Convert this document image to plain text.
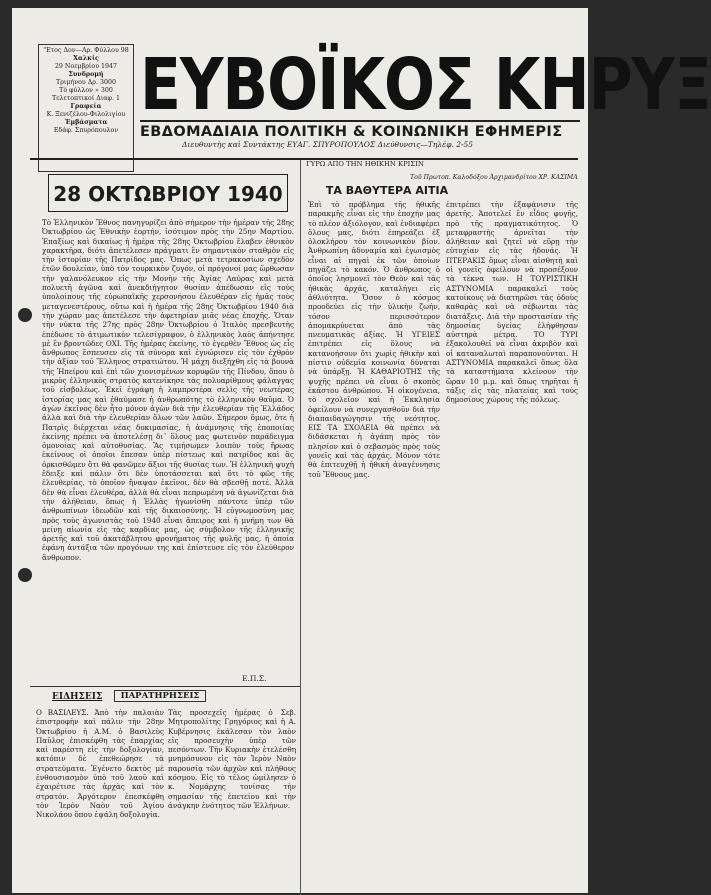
"Ετος Δον—Αρ. Φύλλου 98
Χαλκίς
29 Νοεμβρίου 1947
Συνδρομή
Τριμήνου Δρ. 3000
Τὸ φύλλον » 300
Τελετοπτικοί Διαφ. 1
Γραφεία
Κ. Ξενιζέλου-Φιλολιγίου
Ἐμβάσματα
Εδάφ. Σπυρόπουλον
ΕΥΒΟΪΚΟΣ ΚΗΡΥΞ
ΕΒΔΟΜΑΔΙΑΙΑ ΠΟΛΙΤΙΚΗ & ΚΟΙΝΩΝΙΚΗ ΕΦΗΜΕΡΙΣ
Διευθυντὴς καὶ Συντάκτης ΕΥΑΓ. ΣΠΥΡΟΠΟΥΛΟΣ Διεύθυνσις—Τηλέφ. 2-55
28 ΟΚΤΩΒΡΙΟΥ 1940
Τὸ Ἑλληνικὸν Ἔθνος πανηγυρίζει ἀπὸ σήμερον τὴν ἡμέραν τῆς 28ης Ὀκτωβρίου ὡς Ἐθνικὴν ἑορτήν, ἰσότιμον πρὸς τὴν 25ην Μαρτίου. Ἐπαξίως καὶ δικαίως ἡ ἡμέρα τῆς 28ης Ὀκτωβρίου ἔλαβεν ἐθνικὸν χαρακτῆρα, διότι ἀπετέλεσεν πράγματι ἓν σημαντικὸν σταθμὸν εἰς τὴν ἱστορίαν τῆς Πατρίδος μας. Ὅπως μετὰ τετρακοσίων σχεδὸν ἐτῶν δουλείαν, ὑπὸ τὸν τουρκικὸν ζυγόν, οἱ πρόγονοί μας ὥρθωσαν τὴν γαλανόλευκον εἰς τὴν Μονὴν τῆς Ἁγίας Λαύρας καὶ μετὰ πολυετῆ ἀγῶνα καὶ ἀνεκδιήγητον θυσίαν ἀπέδωσαν εἰς τοὺς ὑπολοίπους τῆς εὐρωπαϊκῆς χερσονήσου ἐλευθέραν εἰς ἡμᾶς τοὺς μεταγενεστέρους, οὕτω καὶ ἡ ἡμέρα τῆς 28ης Ὀκτωβρίου 1940 διὰ τὴν χώραν μας ἀπετέλεσε τὴν ἀφετηρίαν μιᾶς νέας ἐποχῆς. Ὅταν τὴν νύκτα τῆς 27ης πρὸς 28ην Ὀκτωβρίου ὁ Ἰταλὸς πρεσβευτὴς ἐπέδωσε τὸ ἀτιμωτικὸν τελεσίγραφον, ὁ ἑλληνικὸς λαὸς ἀπήντησε μὲ ἓν βροντῶδες ΟΧΙ. Τῆς ἡμέρας ἐκείνης, τὸ ἐγερθὲν Ἔθνος ὡς εἷς ἄνθρωπος ἔσπευσεν εἰς τὰ σύνορα καὶ ἐγνώρισεν εἰς τὸν ἐχθρὸν τὴν ἀξίαν τοῦ Ἕλληνος στρατιώτου. Ἡ μάχη διεξήχθη εἰς τὰ βουνὰ τῆς Ἠπείρου καὶ ἐπὶ τῶν χιονισμένων κορυφῶν τῆς Πίνδου, ὅπου ὁ μικρὸς ἑλληνικὸς στρατὸς κατενίκησε τὰς πολυαρίθμους φάλαγγας τοῦ εἰσβολέως. Ἐκεῖ ἐγράφη ἡ λαμπροτέρα σελὶς τῆς νεωτέρας ἱστορίας μας καὶ ἐθαύμασε ἡ ἀνθρωπότης τὸ ἑλληνικὸν θαῦμα. Ὁ ἀγὼν ἐκεῖνος δὲν ἦτο μόνον ἀγὼν διὰ τὴν ἐλευθερίαν τῆς Ἑλλάδος ἀλλὰ καὶ διὰ τὴν ἐλευθερίαν ὅλων τῶν λαῶν. Σήμερον ὅμως, ὅτε ἡ Πατρὶς διέρχεται νέας δοκιμασίας, ἡ ἀνάμνησις τῆς ἐποποιίας ἐκείνης πρέπει νὰ ἀποτελέσῃ δι᾽ ὅλους μας φωτεινὸν παράδειγμα ὁμονοίας καὶ αὐτοθυσίας. Ἂς τιμήσωμεν λοιπὸν τοὺς ἥρωας ἐκείνους οἱ ὁποῖοι ἔπεσαν ὑπὲρ πίστεως καὶ πατρίδος καὶ ἂς ὀρκισθῶμεν ὅτι θὰ φανῶμεν ἄξιοι τῆς θυσίας των. Ἡ ἑλληνικὴ ψυχὴ ἔδειξε καὶ πάλιν ὅτι δὲν ὑποτάσσεται καὶ ὅτι τὸ φῶς τῆς ἐλευθερίας, τὸ ὁποῖον ἤναψαν ἐκεῖνοι, δὲν θὰ σβεσθῇ ποτέ. Ἀλλὰ δὲν θὰ εἶναι ἐλευθέρα, ἀλλὰ θὰ εἶναι πεπρωμένη νὰ ἀγωνίζεται διὰ τὴν ἀλήθειαν, ὅπως ἡ Ἑλλὰς ἠγωνίσθη πάντοτε ὑπὲρ τῶν ἀνθρωπίνων ἰδεωδῶν καὶ τῆς δικαιοσύνης. Ἡ εὐγνωμοσύνη μας πρὸς τοὺς ἀγωνιστὰς τοῦ 1940 εἶναι ἄπειρος καὶ ἡ μνήμη των θὰ μείνῃ αἰωνία εἰς τὰς καρδίας μας, ὡς σύμβολον τῆς ἑλληνικῆς ἀρετῆς καὶ τοῦ ἀκατάβλητου φρονήματος τῆς φυλῆς μας, ἡ ὁποία ἐφάνη ἀντάξια τῶν προγόνων της καὶ ἐπίστευσε εἰς τὸν ἐλεύθερον ἄνθρωπον.
Ε.Π.Σ.
ΕΙΔΗΣΕΙΣ	ΠΑΡΑΤΗΡΗΣΕΙΣ
Ο ΒΑΣΙΛΕΥΣ. Ἀπὸ τὴν παλαιὰν ἐπιστροφὴν καὶ πάλιν τὴν 28ην Ὀκτωβρίου ἡ Α.Μ. ὁ Βασιλεὺς Παῦλος ἐπισκέφθη τὰς ἐπαρχίας καὶ παρέστη εἰς τὴν δοξολογίαν, κατόπιν δὲ ἐπεθεώρησε τὰ στρατεύματα. Ἐγένετο δεκτὸς μὲ ἐνθουσιασμὸν ὑπὸ τοῦ λαοῦ καὶ ἐχαιρέτισε τὰς ἀρχὰς καὶ τὸν στρατόν. Ἀργότερον ἐπεσκέφθη τὸν Ἱερὸν Ναὸν τοῦ Ἁγίου Νικολάου ὅπου ἐψάλη δοξολογία.
Τὰς προσεχεῖς ἡμέρας ὁ Σεβ. Μητροπολίτης Γρηγόριος καὶ ἡ Α. Κυβέρνησις ἐκάλεσαν τὸν λαὸν εἰς προσευχὴν ὑπὲρ τῶν πεσόντων. Τὴν Κυριακὴν ἐτελέσθη μνημόσυνον εἰς τὸν Ἱερὸν Ναὸν παρουσίᾳ τῶν ἀρχῶν καὶ πλήθους κόσμου. Εἰς τὸ τέλος ὡμίλησεν ὁ κ. Νομάρχης τονίσας τὴν σημασίαν τῆς ἐπετείου καὶ τὴν ἀνάγκην ἑνότητος τῶν Ἑλλήνων.
ΓΥΡΩ ΑΠΟ ΤΗΝ ΗΘΙΚΗΝ ΚΡΙΣΙΝ
Τοῦ Πρωτοπ. Καλοδόξου Ἀρχιμανδρίτου ΧΡ. ΚΑΣΙΜΑ
ΤΑ ΒΑΘΥΤΕΡΑ ΑΙΤΙΑ
Ἐπὶ τὸ πρόβλημα τῆς ἠθικῆς παρακμῆς εἶναι εἰς τὴν ἐποχήν μας τὸ πλέον ἀξιόλογον, καὶ ἐνδιαφέρει ὅλους μας, διότι ἐπηρεάζει ἐξ ὁλοκλήρου τὸν κοινωνικὸν βίον. Ἀνθρωπίνη ἀδυναμία καὶ ἐγωισμὸς εἶναι αἱ πηγαὶ ἐκ τῶν ὁποίων πηγάζει τὸ κακόν. Ὁ ἄνθρωπος ὁ ὁποῖος λησμονεῖ τὸν Θεὸν καὶ τὰς ἠθικὰς ἀρχάς, καταλήγει εἰς ἀθλιότητα. Ὅσον ὁ κόσμος προοδεύει εἰς τὴν ὑλικὴν ζωήν, τόσον περισσότερον ἀπομακρύνεται ἀπὸ τὰς πνευματικὰς ἀξίας. Ἡ ΥΓΕΙΕΣ ἐπιτρέπει εἰς ὅλους νὰ κατανοήσουν ὅτι χωρὶς ἠθικὴν καὶ πίστιν οὐδεμία κοινωνία δύναται νὰ ὑπάρξῃ. Ἡ ΚΑΘΑΡΙΟΤΗΣ τῆς ψυχῆς πρέπει νὰ εἶναι ὁ σκοπὸς ἑκάστου ἀνθρώπου. Ἡ οἰκογένεια, τὸ σχολεῖον καὶ ἡ Ἐκκλησία ὀφείλουν νὰ συνεργασθοῦν διὰ τὴν διαπαιδαγώγησιν τῆς νεότητος. ΕΙΣ ΤΑ ΣΧΟΛΕΙΑ θὰ πρέπει νὰ διδάσκεται ἡ ἀγάπη πρὸς τὸν πλησίον καὶ ὁ σεβασμὸς πρὸς τοὺς γονεῖς καὶ τὰς ἀρχάς. Μόνον τότε θὰ ἐπιτευχθῇ ἡ ἠθικὴ ἀναγέννησις τοῦ Ἔθνους μας.
ἐπιτρέπει τὴν ἐξαφάνισιν τῆς ἀρετῆς. Ἀποτελεῖ ἓν εἶδος φυγῆς, πρὸ τῆς πραγματικότητος. Ὁ μεταφραστὴς ἀρνεῖται τὴν ἀλήθειαν καὶ ζητεῖ νὰ εὕρῃ τὴν εὐτυχίαν εἰς τὰς ἡδονάς. Ἡ ΠΤΕΡΑΚΙΣ ὅμως εἶναι αἰσθητὴ καὶ οἱ γονεῖς ὀφείλουν νὰ προσέξουν τὰ τέκνα των. Η ΤΟΥΡΙΣΤΙΚΗ ΑΣΤΥΝΟΜΙΑ παρακαλεῖ τοὺς κατοίκους νὰ διατηρῶσι τὰς ὁδοὺς καθαρὰς καὶ νὰ σέβωνται τὰς διατάξεις. Διὰ τὴν προστασίαν τῆς δημοσίας ὑγείας ἐλήφθησαν αὐστηρὰ μέτρα. ΤΟ ΤΥΡΙ ἐξακολουθεῖ νὰ εἶναι ἀκριβὸν καὶ οἱ καταναλωταὶ παραπονοῦνται. Η ΑΣΤΥΝΟΜΙΑ παρακαλεῖ ὅπως ὅλα τὰ καταστήματα κλείνουν τὴν ὥραν 10 μ.μ. καὶ ὅπως τηρῆται ἡ τάξις εἰς τὰς πλατείας καὶ τοὺς δημοσίους χώρους τῆς πόλεως.
